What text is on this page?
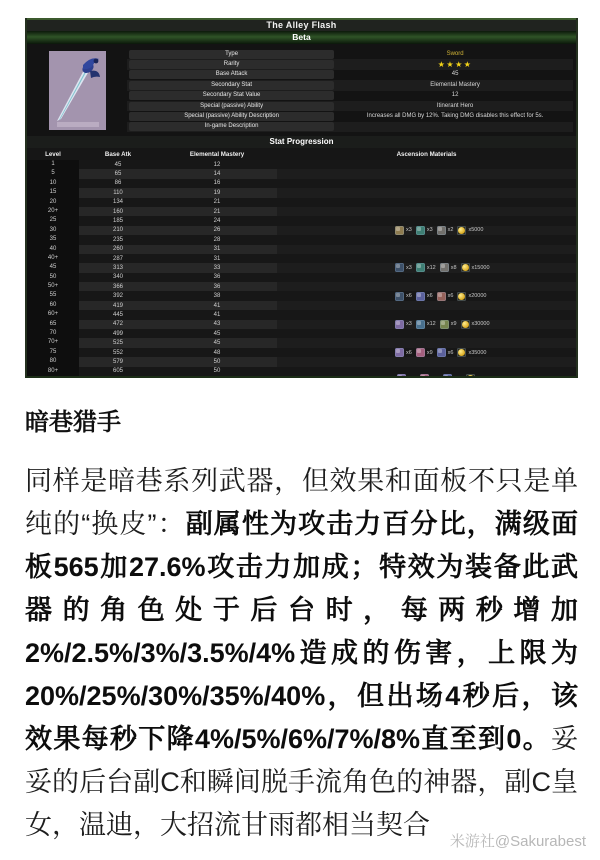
The Alley Flash
Beta
Type	Sword
Rarity	★★★★
Base Attack	45
Secondary Stat	Elemental Mastery
Secondary Stat Value	12
Special (passive) Ability	Itinerant Hero
Special (passive) Ability Description	Increases all DMG by 12%. Taking DMG disables this effect for 5s.
In-game Description
Stat Progression
Level	Base Atk	Elemental Mastery	Ascension Materials
1	45	12
5	65	14
10	86	16
15	110	19
20	134	21
20+	160	21
25	185	24
30	210	26	x3	x3	x2	x5000
35	235	28
40	260	31
40+	287	31
45	313	33	x3	x12	x8	x15000
50	340	36
50+	366	36
55	392	38	x6	x6	x6	x20000
60	419	41
60+	445	41
65	472	43	x3	x12	x9	x30000
70	499	45
70+	525	45
75	552	48	x6	x9	x6	x35000
80	579	50
80+	605	50
暗巷猎手

同样是暗巷系列武器，但效果和面板不只是单纯的“换皮”：副属性为攻击力百分比，满级面板565加27.6%攻击力加成；特效为装备此武器的角色处于后台时，每两秒增加2%/2.5%/3%/3.5%/4%造成的伤害，上限为20%/25%/30%/35%/40%，但出场4秒后，该效果每秒下降4%/5%/6%/7%/8%直至到0。妥妥的后台副C和瞬间脱手流角色的神器，副C皇女，温迪，大招流甘雨都相当契合

米游社@Sakurabest
